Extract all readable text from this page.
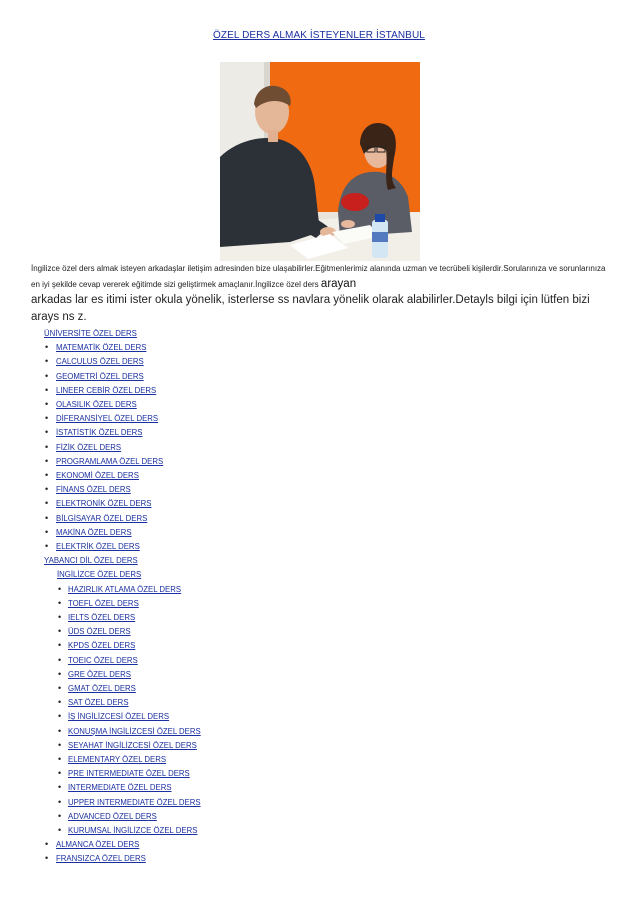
ÖZEL DERS ALMAK İSTEYENLER İSTANBUL
İngilizce özel ders almak isteyen arkadaşlar iletişim adresinden bize ulaşabilirler.Eğitmenlerimiz alanında uzman ve tecrübeli kişilerdir.Sorularınıza ve sorunlarınıza en iyi şekilde cevap vererek eğitimde sizi geliştirmek amaçlanır.İngilizce özel ders arayan
arkadas lar es itimi ister okula yönelik, isterlerse ss navlara yönelik olarak alabilirler.Detayls bilgi için lütfen bizi
arays ns z.
ÜNİVERSİTE ÖZEL DERS
• MATEMATİK ÖZEL DERS
• CALCULUS ÖZEL DERS
• GEOMETRİ ÖZEL DERS
• LINEER CEBİR ÖZEL DERS
• OLASILIK ÖZEL DERS
• DİFERANSİYEL ÖZEL DERS
• İSTATİSTİK ÖZEL DERS
• FİZİK ÖZEL DERS
• PROGRAMLAMA ÖZEL DERS
• EKONOMİ ÖZEL DERS
• FİNANS ÖZEL DERS
• ELEKTRONİK ÖZEL DERS
• BİLGİSAYAR ÖZEL DERS
• MAKİNA ÖZEL DERS
• ELEKTRİK ÖZEL DERS
YABANCI DİL ÖZEL DERS
İNGİLİZCE ÖZEL DERS
• HAZIRLIK ATLAMA ÖZEL DERS
• TOEFL ÖZEL DERS
• IELTS ÖZEL DERS
• ÜDS ÖZEL DERS
• KPDS ÖZEL DERS
• TOEIC ÖZEL DERS
• GRE ÖZEL DERS
• GMAT ÖZEL DERS
• SAT ÖZEL DERS
• İŞ İNGİLİZCESİ ÖZEL DERS
• KONUŞMA İNGİLİZCESİ ÖZEL DERS
• SEYAHAT İNGİLİZCESİ ÖZEL DERS
• ELEMENTARY ÖZEL DERS
• PRE INTERMEDIATE ÖZEL DERS
• INTERMEDIATE ÖZEL DERS
• UPPER INTERMEDIATE ÖZEL DERS
• ADVANCED ÖZEL DERS
• KURUMSAL İNGİLİZCE ÖZEL DERS
• ALMANCA ÖZEL DERS
• FRANSIZCA ÖZEL DERS
